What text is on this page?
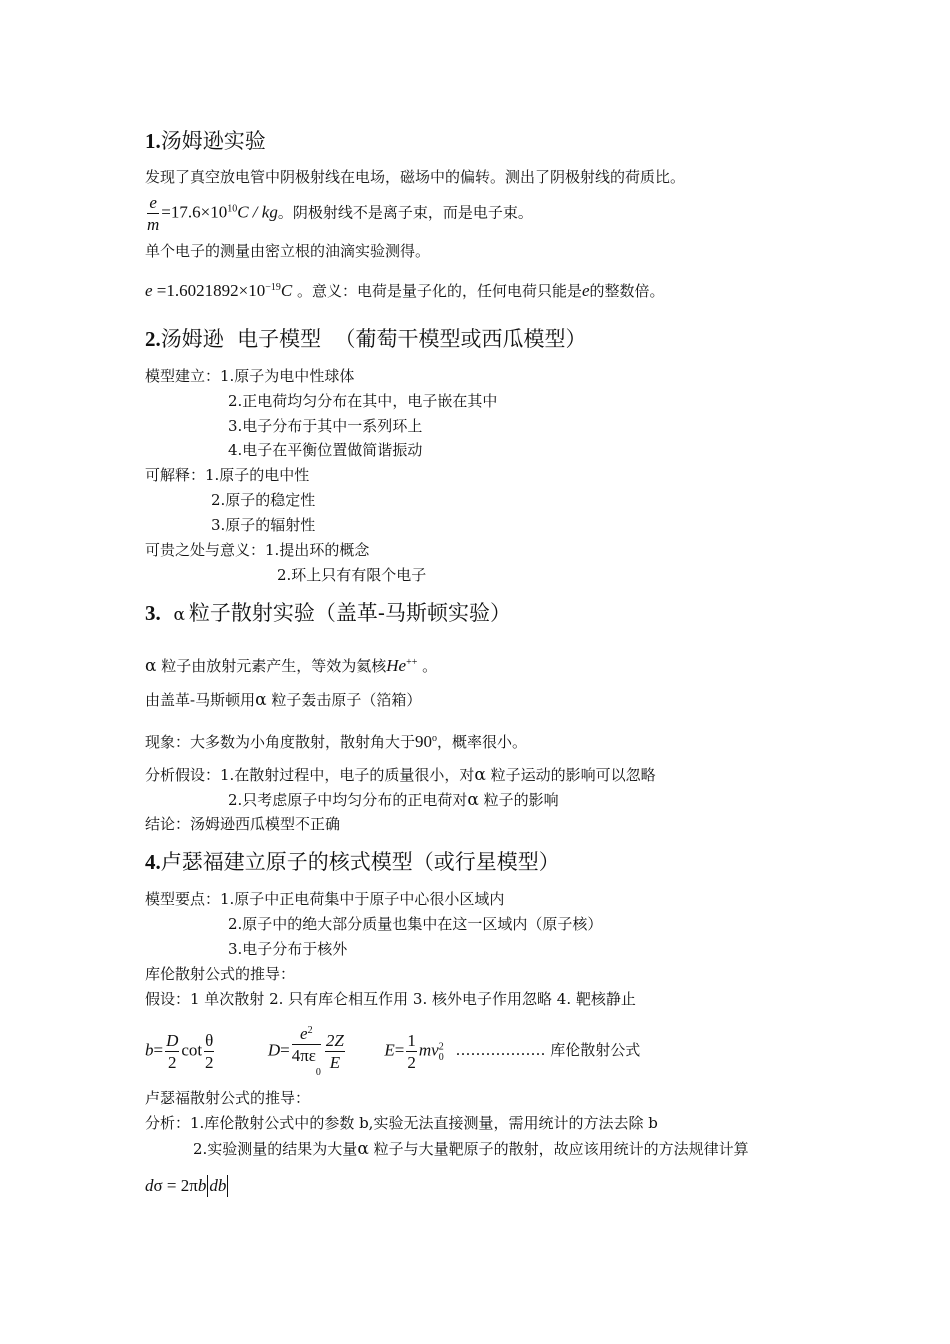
1.汤姆逊实验
发现了真空放电管中阴极射线在电场，磁场中的偏转。测出了阴极射线的荷质比。
$\frac{e}{m} =17.6\times 10^{10}C$ / kg。阴极射线不是离子束，而是电子束。
单个电子的测量由密立根的油滴实验测得。
$e =1.6021892\times 10^{-19}C$ 。意义：电荷是量子化的，任何电荷只能是e的整数倍。
2.汤姆逊  电子模型  （葡萄干模型或西瓜模型）
模型建立：1.原子为电中性球体
2.正电荷均匀分布在其中，电子嵌在其中
3.电子分布于其中一系列环上
4.电子在平衡位置做简谐振动
可解释：1.原子的电中性
2.原子的稳定性
3.原子的辐射性
可贵之处与意义：1.提出环的概念
2.环上只有有限个电子
3. α 粒子散射实验（盖革-马斯顿实验）
α 粒子由放射元素产生，等效为氦核He++ 。
由盖革-马斯顿用α 粒子轰击原子（箔箱）
现象：大多数为小角度散射，散射角大于90$^o$，概率很小。
分析假设：1.在散射过程中，电子的质量很小，对α 粒子运动的影响可以忽略
2.只考虑原子中均匀分布的正电荷对α 粒子的影响
结论：汤姆逊西瓜模型不正确
4.卢瑟福建立原子的核式模型（或行星模型）
模型要点：1.原子中正电荷集中于原子中心很小区域内
2.原子中的绝大部分质量也集中在这一区域内（原子核）
3.电子分布于核外
库伦散射公式的推导：
假设：1 单次散射 2. 只有库仑相互作用 3. 核外电子作用忽略 4. 靶核静止
$b= \frac{D}{2}$ $\cot \frac{\theta}{2}$	$D= \frac{e^2}{4\pi\varepsilon_0} \frac{2Z}{E} E= \frac{1}{2} mv^2_0$ ……………… 库伦散射公式
卢瑟福散射公式的推导：
分析：1.库伦散射公式中的参数 b,实验无法直接测量，需用统计的方法去除 b
2.实验测量的结果为大量α 粒子与大量靶原子的散射，故应该用统计的方法规律计算
dσ = 2πb db
